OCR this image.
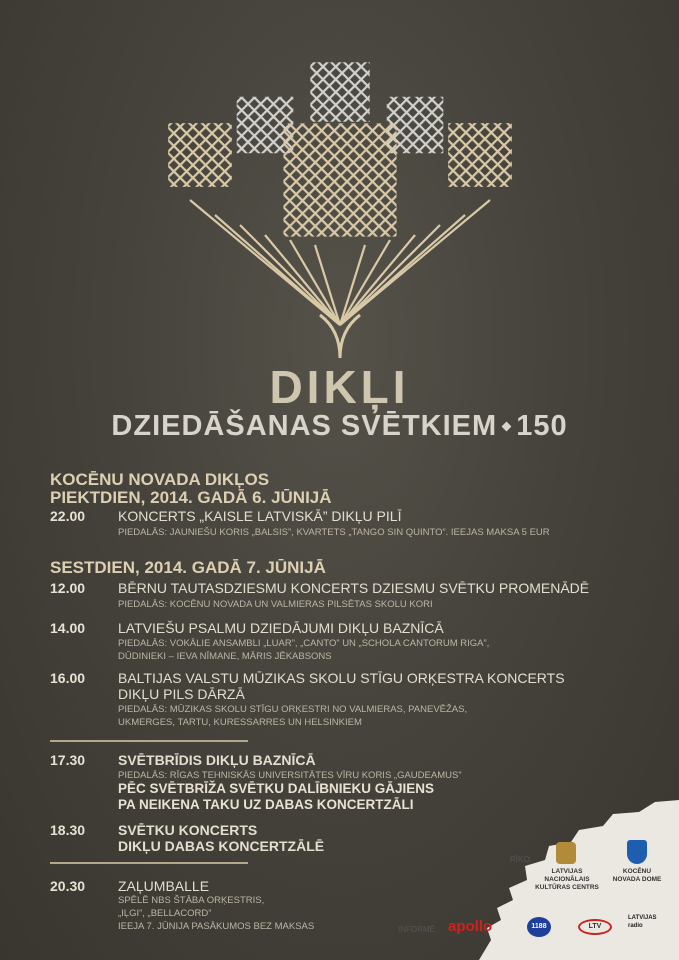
DIKĻI
DZIEDĀŠANAS SVĒTKIEM 150
KOCĒNU NOVADA DIKĻOS
PIEKTDIEN, 2014. GADĀ 6. JŪNIJĀ
22.00 KONCERTS „KAISLE LATVISKĀ” DIKĻU PILĪ
PIEDALĀS: JAUNIEŠU KORIS „BALSIS”, KVARTETS „TANGO SIN QUINTO”. IEEJAS MAKSA 5 EUR
SESTDIEN, 2014. GADĀ 7. JŪNIJĀ
12.00 BĒRNU TAUTASDZIESMU KONCERTS DZIESMU SVĒTKU PROMENĀDĒ
PIEDALĀS: KOCĒNU NOVADA UN VALMIERAS PILSĒTAS SKOLU KORI
14.00 LATVIEŠU PSALMU DZIEDĀJUMI DIKĻU BAZNĪCĀ
PIEDALĀS: VOKĀLIE ANSAMBLI „LUAR”, „CANTO” UN „SCHOLA CANTORUM RIGA”,
DŪDINIEKI – IEVA NĪMANE, MĀRIS JĒKABSONS
16.00 BALTIJAS VALSTU MŪZIKAS SKOLU STĪGU ORĶESTRA KONCERTS
DIKĻU PILS DĀRZĀ
PIEDALĀS: MŪZIKAS SKOLU STĪGU ORĶESTRI NO VALMIERAS, PANEVĒŽAS,
UKMERGES, TARTU, KURESSARRES UN HELSINKIEM
17.30 SVĒTBRĪDIS DIKĻU BAZNĪCĀ
PIEDALĀS: RĪGAS TEHNISKĀS UNIVERSITĀTES VĪRU KORIS „GAUDEAMUS”
PĒC SVĒTBRĪŽA SVĒTKU DALĪBNIEKU GĀJIENS
PA NEIKENA TAKU UZ DABAS KONCERTZĀLI
18.30 SVĒTKU KONCERTS
DIKĻU DABAS KONCERTZĀLĒ
20.30 ZAĻUMBALLE
SPĒLĒ NBS ŠTĀBA ORĶESTRIS,
„IĻGI”, „BELLACORD”
IEEJA 7. JŪNIJA PASĀKUMOS BEZ MAKSAS
RĪKO:
LATVIJAS NACIONĀLAIS KULTŪRAS CENTRS
KOCĒNU NOVADA DOME
INFORMĒ: apollo	1188	LTV
LATVIJAS radio
